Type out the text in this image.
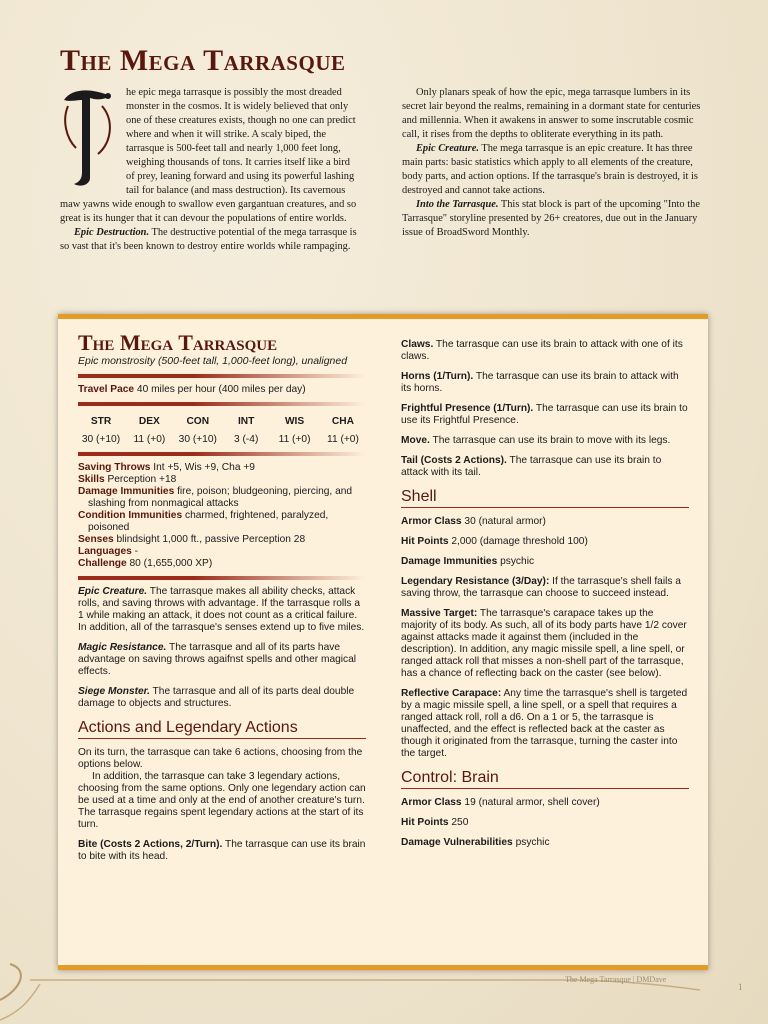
The Mega Tarrasque

he epic mega tarrasque is possibly the most dreaded monster in the cosmos. It is widely believed that only one of these creatures exists, though no one can predict where and when it will strike. A scaly biped, the tarrasque is 500-feet tall and nearly 1,000 feet long, weighing thousands of tons. It carries itself like a bird of prey, leaning forward and using its powerful lashing tail for balance (and mass destruction). Its cavernous maw yawns wide enough to swallow even gargantuan creatures, and so great is its hunger that it can devour the populations of entire worlds.

Epic Destruction. The destructive potential of the mega tarrasque is so vast that it's been known to destroy entire worlds while rampaging.

Only planars speak of how the epic, mega tarrasque lumbers in its secret lair beyond the realms, remaining in a dormant state for centuries and millennia. When it awakens in answer to some inscrutable cosmic call, it rises from the depths to obliterate everything in its path.

Epic Creature. The mega tarrasque is an epic creature. It has three main parts: basic statistics which apply to all elements of the creature, body parts, and action options. If the tarrasque's brain is destroyed, it is destroyed and cannot take actions.

Into the Tarrasque. This stat block is part of the upcoming "Into the Tarrasque" storyline presented by 26+ creatores, due out in the January issue of BroadSword Monthly.

The Mega Tarrasque
Epic monstrosity (500-feet tall, 1,000-feet long), unaligned

Travel Pace 40 miles per hour (400 miles per day)

STR
30 (+10)
DEX
11 (+0)
CON
30 (+10)
INT
3 (-4)
WIS
11 (+0)
CHA
11 (+0)

Saving Throws Int +5, Wis +9, Cha +9

Skills Perception +18

Damage Immunities fire, poison; bludgeoning, piercing, and slashing from nonmagical attacks

Condition Immunities charmed, frightened, paralyzed, poisoned

Senses blindsight 1,000 ft., passive Perception 28

Languages -

Challenge 80 (1,655,000 XP)

Epic Creature. The tarrasque makes all ability checks, attack rolls, and saving throws with advantage. If the tarrasque rolls a 1 while making an attack, it does not count as a critical failure. In addition, all of the tarrasque's senses extend up to five miles.

Magic Resistance. The tarrasque and all of its parts have advantage on saving throws agaifnst spells and other magical effects.

Siege Monster. The tarrasque and all of its parts deal double damage to objects and structures.

Actions and Legendary Actions

On its turn, the tarrasque can take 6 actions, choosing from the options below.

In addition, the tarrasque can take 3 legendary actions, choosing from the same options. Only one legendary action can be used at a time and only at the end of another creature's turn. The tarrasque regains spent legendary actions at the start of its turn.

Bite (Costs 2 Actions, 2/Turn). The tarrasque can use its brain to bite with its head.

Claws. The tarrasque can use its brain to attack with one of its claws.

Horns (1/Turn). The tarrasque can use its brain to attack with its horns.

Frightful Presence (1/Turn). The tarrasque can use its brain to use its Frightful Presence.

Move. The tarrasque can use its brain to move with its legs.

Tail (Costs 2 Actions). The tarrasque can use its brain to attack with its tail.

Shell

Armor Class 30 (natural armor)

Hit Points 2,000 (damage threshold 100)

Damage Immunities psychic

Legendary Resistance (3/Day): If the tarrasque's shell fails a saving throw, the tarrasque can choose to succeed instead.

Massive Target: The tarrasque's carapace takes up the majority of its body. As such, all of its body parts have 1/2 cover against attacks made it against them (included in the description). In addition, any magic missile spell, a line spell, or ranged attack roll that misses a non-shell part of the tarrasque, has a chance of reflecting back on the caster (see below).

Reflective Carapace: Any time the tarrasque's shell is targeted by a magic missile spell, a line spell, or a spell that requires a ranged attack roll, roll a d6. On a 1 or 5, the tarrasque is unaffected, and the effect is reflected back at the caster as though it originated from the tarrasque, turning the caster into the target.

Control: Brain

Armor Class 19 (natural armor, shell cover)

Hit Points 250

Damage Vulnerabilities psychic

The Mega Tarrasque | DMDave
1
